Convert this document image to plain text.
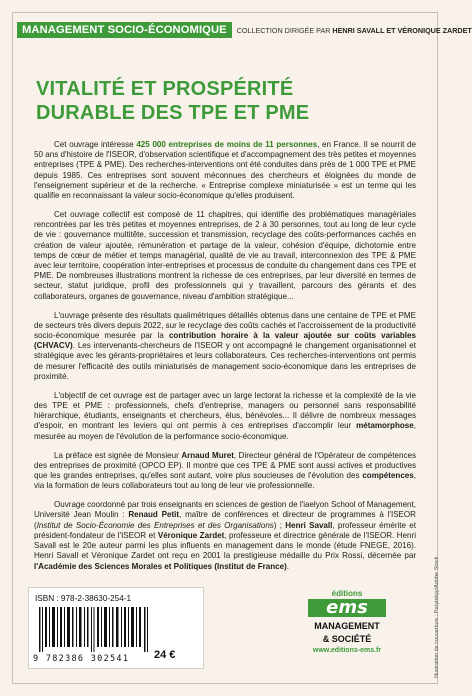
MANAGEMENT SOCIO-ÉCONOMIQUE	COLLECTION DIRIGÉE PAR HENRI SAVALL ET VÉRONIQUE ZARDET
VITALITÉ ET PROSPÉRITÉ
DURABLE DES TPE ET PME

Cet ouvrage intéresse 425 000 entreprises de moins de 11 personnes, en France. Il se nourrit de 50 ans d'histoire de l'ISEOR, d'observation scientifique et d'accompagnement des très petites et moyennes entreprises (TPE & PME). Des recherches-interventions ont été conduites dans près de 1 000 TPE et PME depuis 1985. Ces entreprises sont souvent méconnues des chercheurs et éloignées du monde de l'enseignement supérieur et de la recherche. « Entreprise complexe miniaturisée » est un terme qui les qualifie en reconnaissant la valeur socio-économique qu'elles produisent.

Cet ouvrage collectif est composé de 11 chapitres, qui identifie des problématiques managériales rencontrées par les très petites et moyennes entreprises, de 2 à 30 personnes, tout au long de leur cycle de vie : gouvernance multitête, succession et transmission, recyclage des coûts-performances cachés en création de valeur ajoutée, rémunération et partage de la valeur, cohésion d'équipe, dichotomie entre temps de cœur de métier et temps managérial, qualité de vie au travail, interconnexion des TPE & PME avec leur territoire, coopération inter-entreprises et processus de conduite du changement dans ces TPE et PME. De nombreuses illustrations montrent la richesse de ces entreprises, par leur diversité en termes de secteur, statut juridique, profil des professionnels qui y travaillent, parcours des gérants et des collaborateurs, organes de gouvernance, niveau d'ambition stratégique...

L'ouvrage présente des résultats qualimétriques détaillés obtenus dans une centaine de TPE et PME de secteurs très divers depuis 2022, sur le recyclage des coûts cachés et l'accroissement de la productivité socio-économique mesurée par la contribution horaire à la valeur ajoutée sur coûts variables (CHVACV). Les intervenants-chercheurs de l'ISEOR y ont accompagné le changement organisationnel et stratégique avec les gérants-propriétaires et leurs collaborateurs. Ces recherches-interventions ont permis de mesurer l'efficacité des outils miniaturisés de management socio-économique dans les entreprises de proximité.

L'objectif de cet ouvrage est de partager avec un large lectorat la richesse et la complexité de la vie des TPE et PME : professionnels, chefs d'entreprise, managers ou personnel sans responsabilité hiérarchique, étudiants, enseignants et chercheurs, élus, bénévoles... Il délivre de nombreux messages d'espoir, en montrant les leviers qui ont permis à ces entreprises d'accomplir leur métamorphose, mesurée au moyen de l'évolution de la performance socio-économique.

La préface est signée de Monsieur Arnaud Muret, Directeur général de l'Opérateur de compétences des entreprises de proximité (OPCO EP). Il montre que ces TPE & PME sont aussi actives et productives que les grandes entreprises, qu'elles sont autant, voire plus soucieuses de l'évolution des compétences, via la formation de leurs collaborateurs tout au long de leur vie professionnelle.

Ouvrage coordonné par trois enseignants en sciences de gestion de l'iaelyon School of Management, Université Jean Moulin : Renaud Petit, maître de conférences et directeur de programmes à l'ISEOR (Institut de Socio-Économie des Entreprises et des Organisations) ; Henri Savall, professeur émérite et président-fondateur de l'ISEOR et Véronique Zardet, professeure et directrice générale de l'ISEOR. Henri Savall est le 20e auteur parmi les plus influents en management dans le monde (étude FNEGE, 2016). Henri Savall et Véronique Zardet ont reçu en 2001 la prestigieuse médaille du Prix Rossi, décernée par l'Académie des Sciences Morales et Politiques (Institut de France).

ISBN : 978-2-38630-254-1
9 782386 302541 24 €
éditions
ems
MANAGEMENT
& SOCIÉTÉ
www.editions-ems.fr	Illustration de couverture : Perytskyy/Adobe Stock
